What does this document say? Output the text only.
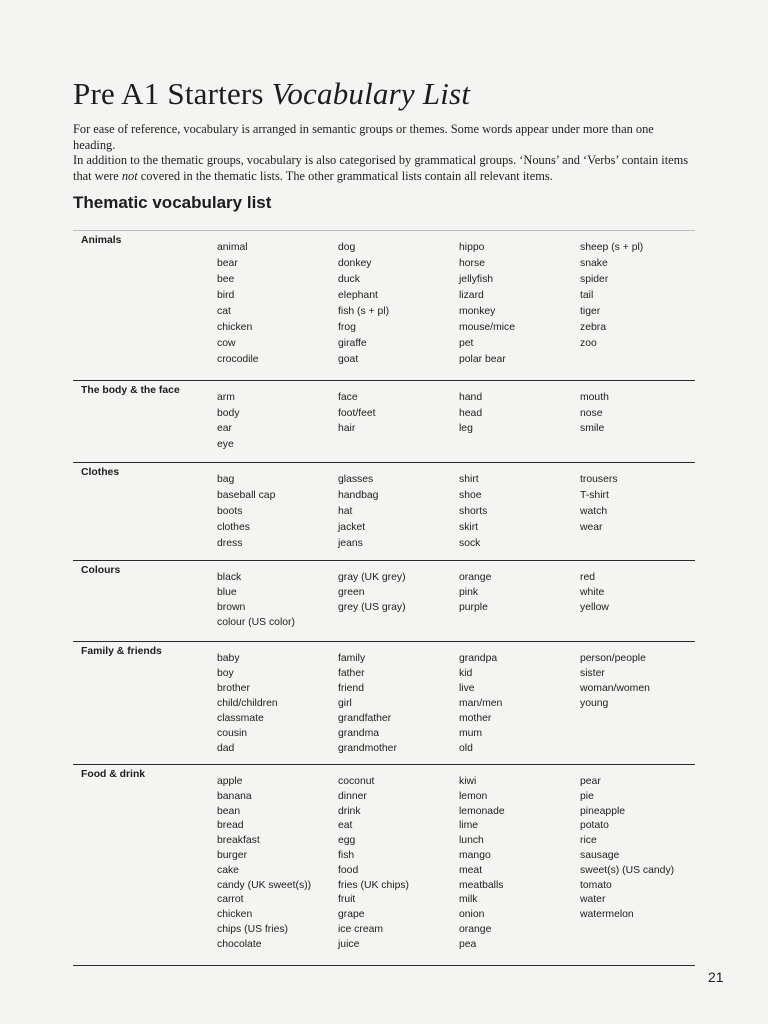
Pre A1 Starters Vocabulary List

For ease of reference, vocabulary is arranged in semantic groups or themes. Some words appear under more than one heading.

In addition to the thematic groups, vocabulary is also categorised by grammatical groups. ‘Nouns’ and ‘Verbs’ contain items that were not covered in the thematic lists. The other grammatical lists contain all relevant items.

Thematic vocabulary list
Animals
animal
bear
bee
bird
cat
chicken
cow
crocodile
dog
donkey
duck
elephant
fish (s + pl)
frog
giraffe
goat
hippo
horse
jellyfish
lizard
monkey
mouse/mice
pet
polar bear
sheep (s + pl)
snake
spider
tail
tiger
zebra
zoo
The body & the face
arm
body
ear
eye
face
foot/feet
hair
hand
head
leg
mouth
nose
smile
Clothes
bag
baseball cap
boots
clothes
dress
glasses
handbag
hat
jacket
jeans
shirt
shoe
shorts
skirt
sock
trousers
T-shirt
watch
wear
Colours
black
blue
brown
colour (US color)
gray (UK grey)
green
grey (US gray)
orange
pink
purple
red
white
yellow
Family & friends
baby
boy
brother
child/children
classmate
cousin
dad
family
father
friend
girl
grandfather
grandma
grandmother
grandpa
kid
live
man/men
mother
mum
old
person/people
sister
woman/women
young
Food & drink
apple
banana
bean
bread
breakfast
burger
cake
candy (UK sweet(s))
carrot
chicken
chips (US fries)
chocolate
coconut
dinner
drink
eat
egg
fish
food
fries (UK chips)
fruit
grape
ice cream
juice
kiwi
lemon
lemonade
lime
lunch
mango
meat
meatballs
milk
onion
orange
pea
pear
pie
pineapple
potato
rice
sausage
sweet(s) (US candy)
tomato
water
watermelon
21
